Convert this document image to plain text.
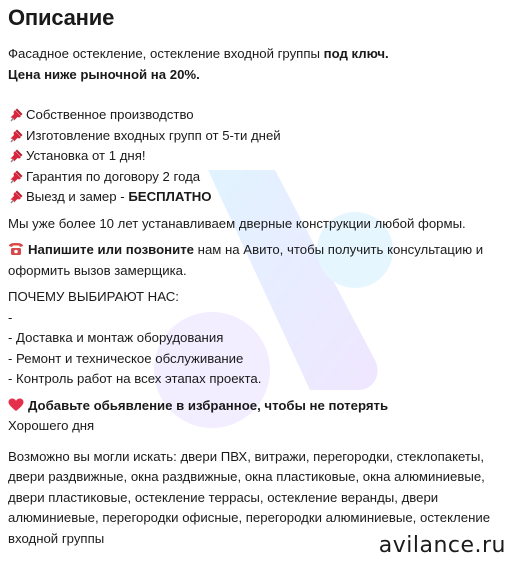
Описание

Фасадное остекление, остекление входной группы под ключ.

Цена ниже рыночной на 20%.

Собственное производство
Изготовление входных групп от 5-ти дней
Установка от 1 дня!
Гарантия по договору 2 года
Выезд и замер - БЕСПЛАТНО

Мы уже более 10 лет устанавливаем дверные конструкции любой формы.

Напишите или позвоните нам на Авито, чтобы получить консультацию и оформить вызов замерщика.

ПОЧЕМУ ВЫБИРАЮТ НАС:

-

- Доставка и монтаж оборудования

- Ремонт и техническое обслуживание

- Контроль работ на всех этапах проекта.

Добавьте обьявление в избранное, чтобы не потерять

Хорошего дня

Возможно вы могли искать: двери ПВХ, витражи, перегородки, стеклопакеты, двери раздвижные, окна раздвижные, окна пластиковые, окна алюминиевые, двери пластиковые, остекление террасы, остекление веранды, двери алюминиевые, перегородки офисные, перегородки алюминиевые, остекление входной группы	avilance.ru
